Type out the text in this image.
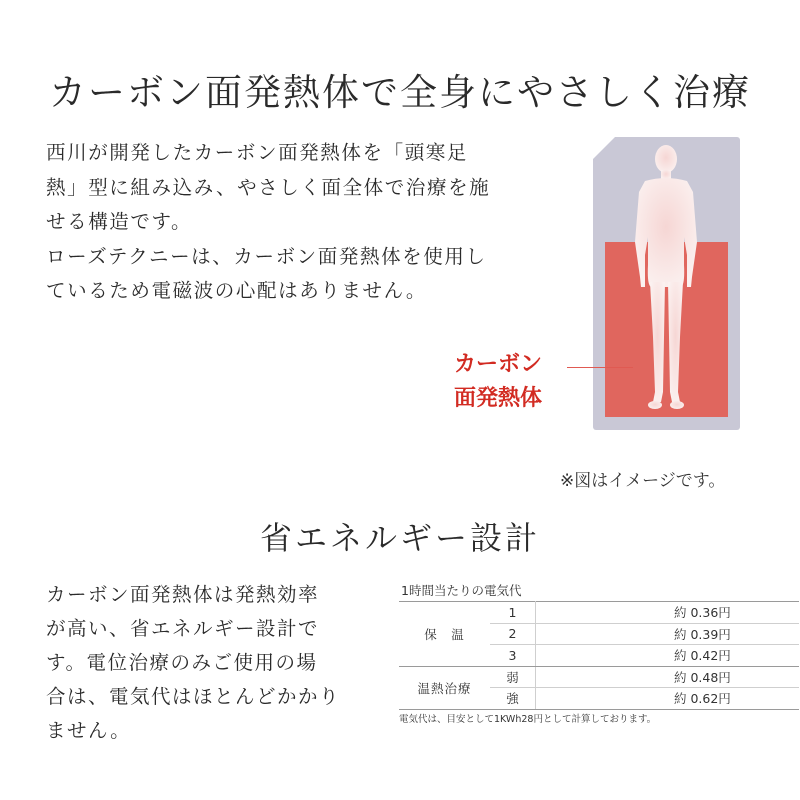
カーボン面発熱体で全身にやさしく治療
西川が開発したカーボン面発熱体を「頭寒足
熱」型に組み込み、やさしく面全体で治療を施
せる構造です。
ローズテクニーは、カーボン面発熱体を使用し
ているため電磁波の心配はありません。
カーボン
面発熱体
※図はイメージです。
省エネルギー設計
カーボン面発熱体は発熱効率
が高い、省エネルギー設計で
す。電位治療のみご使用の場
合は、電気代はほとんどかかり
ません。
1時間当たりの電気代
保　温	1	約 0.36円
	2	約 0.39円
	3	約 0.42円
温熱治療	弱	約 0.48円
	強	約 0.62円
電気代は、目安として1KWh28円として計算しております。
